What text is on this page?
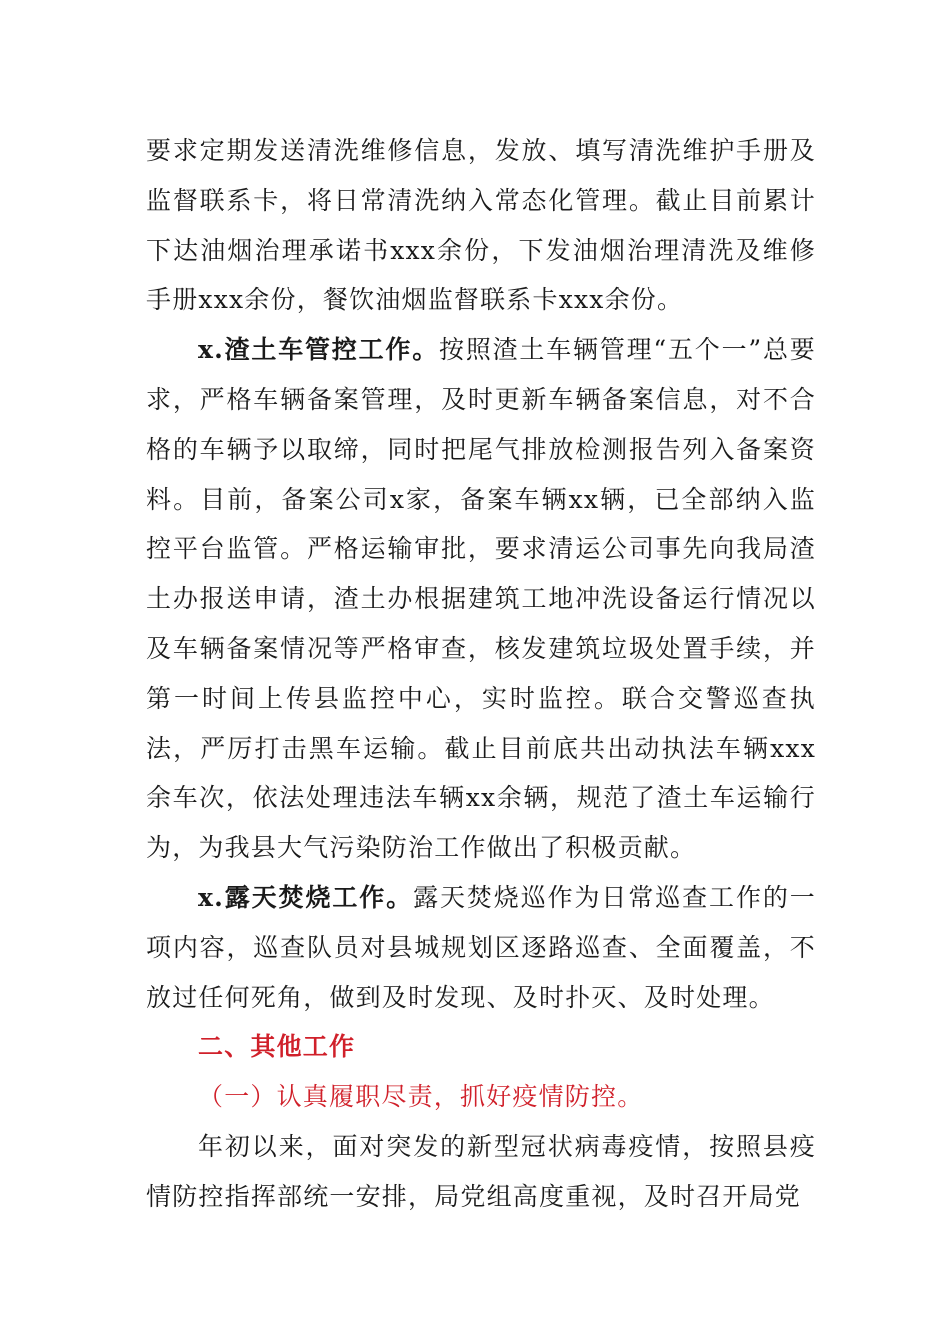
要求定期发送清洗维修信息，发放、填写清洗维护手册及监督联系卡，将日常清洗纳入常态化管理。截止目前累计下达油烟治理承诺书xxx余份，下发油烟治理清洗及维修手册xxx余份，餐饮油烟监督联系卡xxx余份。

x.渣土车管控工作。按照渣土车辆管理“五个一”总要求，严格车辆备案管理，及时更新车辆备案信息，对不合格的车辆予以取缔，同时把尾气排放检测报告列入备案资料。目前，备案公司x家，备案车辆xx辆，已全部纳入监控平台监管。严格运输审批，要求清运公司事先向我局渣土办报送申请，渣土办根据建筑工地冲洗设备运行情况以及车辆备案情况等严格审查，核发建筑垃圾处置手续，并第一时间上传县监控中心，实时监控。联合交警巡查执法，严厉打击黑车运输。截止目前底共出动执法车辆xxx余车次，依法处理违法车辆xx余辆，规范了渣土车运输行为，为我县大气污染防治工作做出了积极贡献。

x.露天焚烧工作。露天焚烧巡作为日常巡查工作的一项内容，巡查队员对县城规划区逐路巡查、全面覆盖，不放过任何死角，做到及时发现、及时扑灭、及时处理。

二、其他工作

（一）认真履职尽责，抓好疫情防控。

年初以来，面对突发的新型冠状病毒疫情，按照县疫情防控指挥部统一安排，局党组高度重视，及时召开局党
